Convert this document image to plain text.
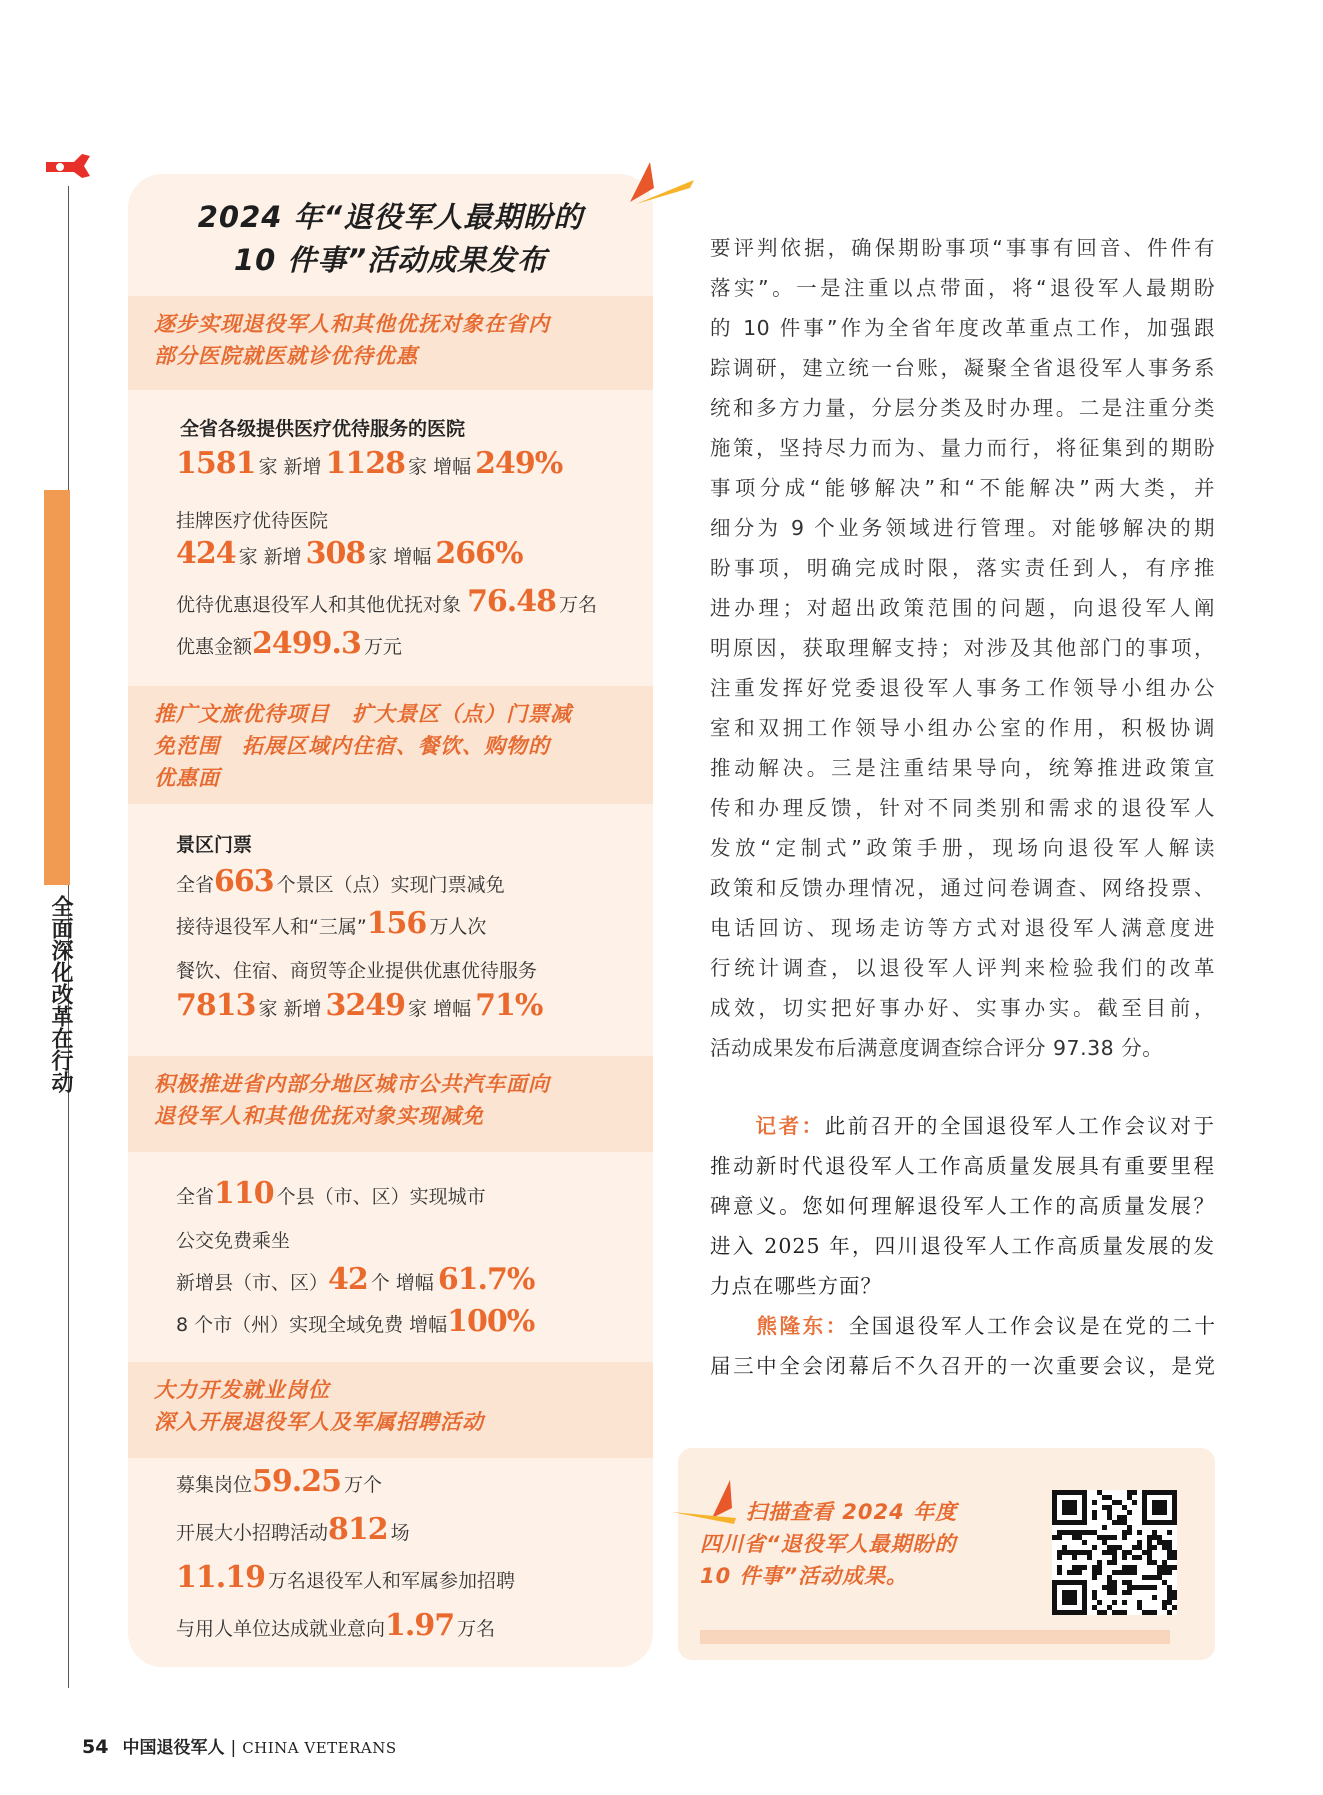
全面深化改革在行动
2024 年“退役军人最期盼的
10 件事”活动成果发布

逐步实现退役军人和其他优抚对象在省内

部分医院就医就诊优待优惠

全省各级提供医疗优待服务的医院
1581 家 新增 1128 家 增幅 249%
挂牌医疗优待医院
424 家 新增 308 家 增幅 266%
优待优惠退役军人和其他优抚对象 76.48 万名
优惠金额2499.3 万元

推广文旅优待项目　扩大景区（点）门票减

免范围　拓展区域内住宿、餐饮、购物的

优惠面

景区门票
全省663 个景区（点）实现门票减免
接待退役军人和“三属”156 万人次
餐饮、住宿、商贸等企业提供优惠优待服务
7813 家 新增 3249 家 增幅 71%

积极推进省内部分地区城市公共汽车面向

退役军人和其他优抚对象实现减免

全省110 个县（市、区）实现城市
公交免费乘坐
新增县（市、区）42 个 增幅 61.7%
8 个市（州）实现全域免费 增幅100%

大力开发就业岗位

深入开展退役军人及军属招聘活动

募集岗位59.25 万个
开展大小招聘活动812 场
11.19 万名退役军人和军属参加招聘
与用人单位达成就业意向1.97 万名
要评判依据，确保期盼事项“事事有回音、件件有
落实”。一是注重以点带面，将“退役军人最期盼
的 10 件事”作为全省年度改革重点工作，加强跟
踪调研，建立统一台账，凝聚全省退役军人事务系
统和多方力量，分层分类及时办理。二是注重分类
施策，坚持尽力而为、量力而行，将征集到的期盼
事项分成“能够解决”和“不能解决”两大类，并
细分为 9 个业务领域进行管理。对能够解决的期
盼事项，明确完成时限，落实责任到人，有序推
进办理；对超出政策范围的问题，向退役军人阐
明原因，获取理解支持；对涉及其他部门的事项，
注重发挥好党委退役军人事务工作领导小组办公
室和双拥工作领导小组办公室的作用，积极协调
推动解决。三是注重结果导向，统筹推进政策宣
传和办理反馈，针对不同类别和需求的退役军人
发放“定制式”政策手册，现场向退役军人解读
政策和反馈办理情况，通过问卷调查、网络投票、
电话回访、现场走访等方式对退役军人满意度进
行统计调查，以退役军人评判来检验我们的改革
成效，切实把好事办好、实事办实。截至目前，
活动成果发布后满意度调查综合评分 97.38 分。
记者：此前召开的全国退役军人工作会议对于
推动新时代退役军人工作高质量发展具有重要里程
碑意义。您如何理解退役军人工作的高质量发展？
进入 2025 年，四川退役军人工作高质量发展的发
力点在哪些方面？
熊隆东：全国退役军人工作会议是在党的二十
届三中全会闭幕后不久召开的一次重要会议，是党
扫描查看 2024 年度
四川省“退役军人最期盼的
10 件事”活动成果。
54 中国退役军人 | CHINA VETERANS
